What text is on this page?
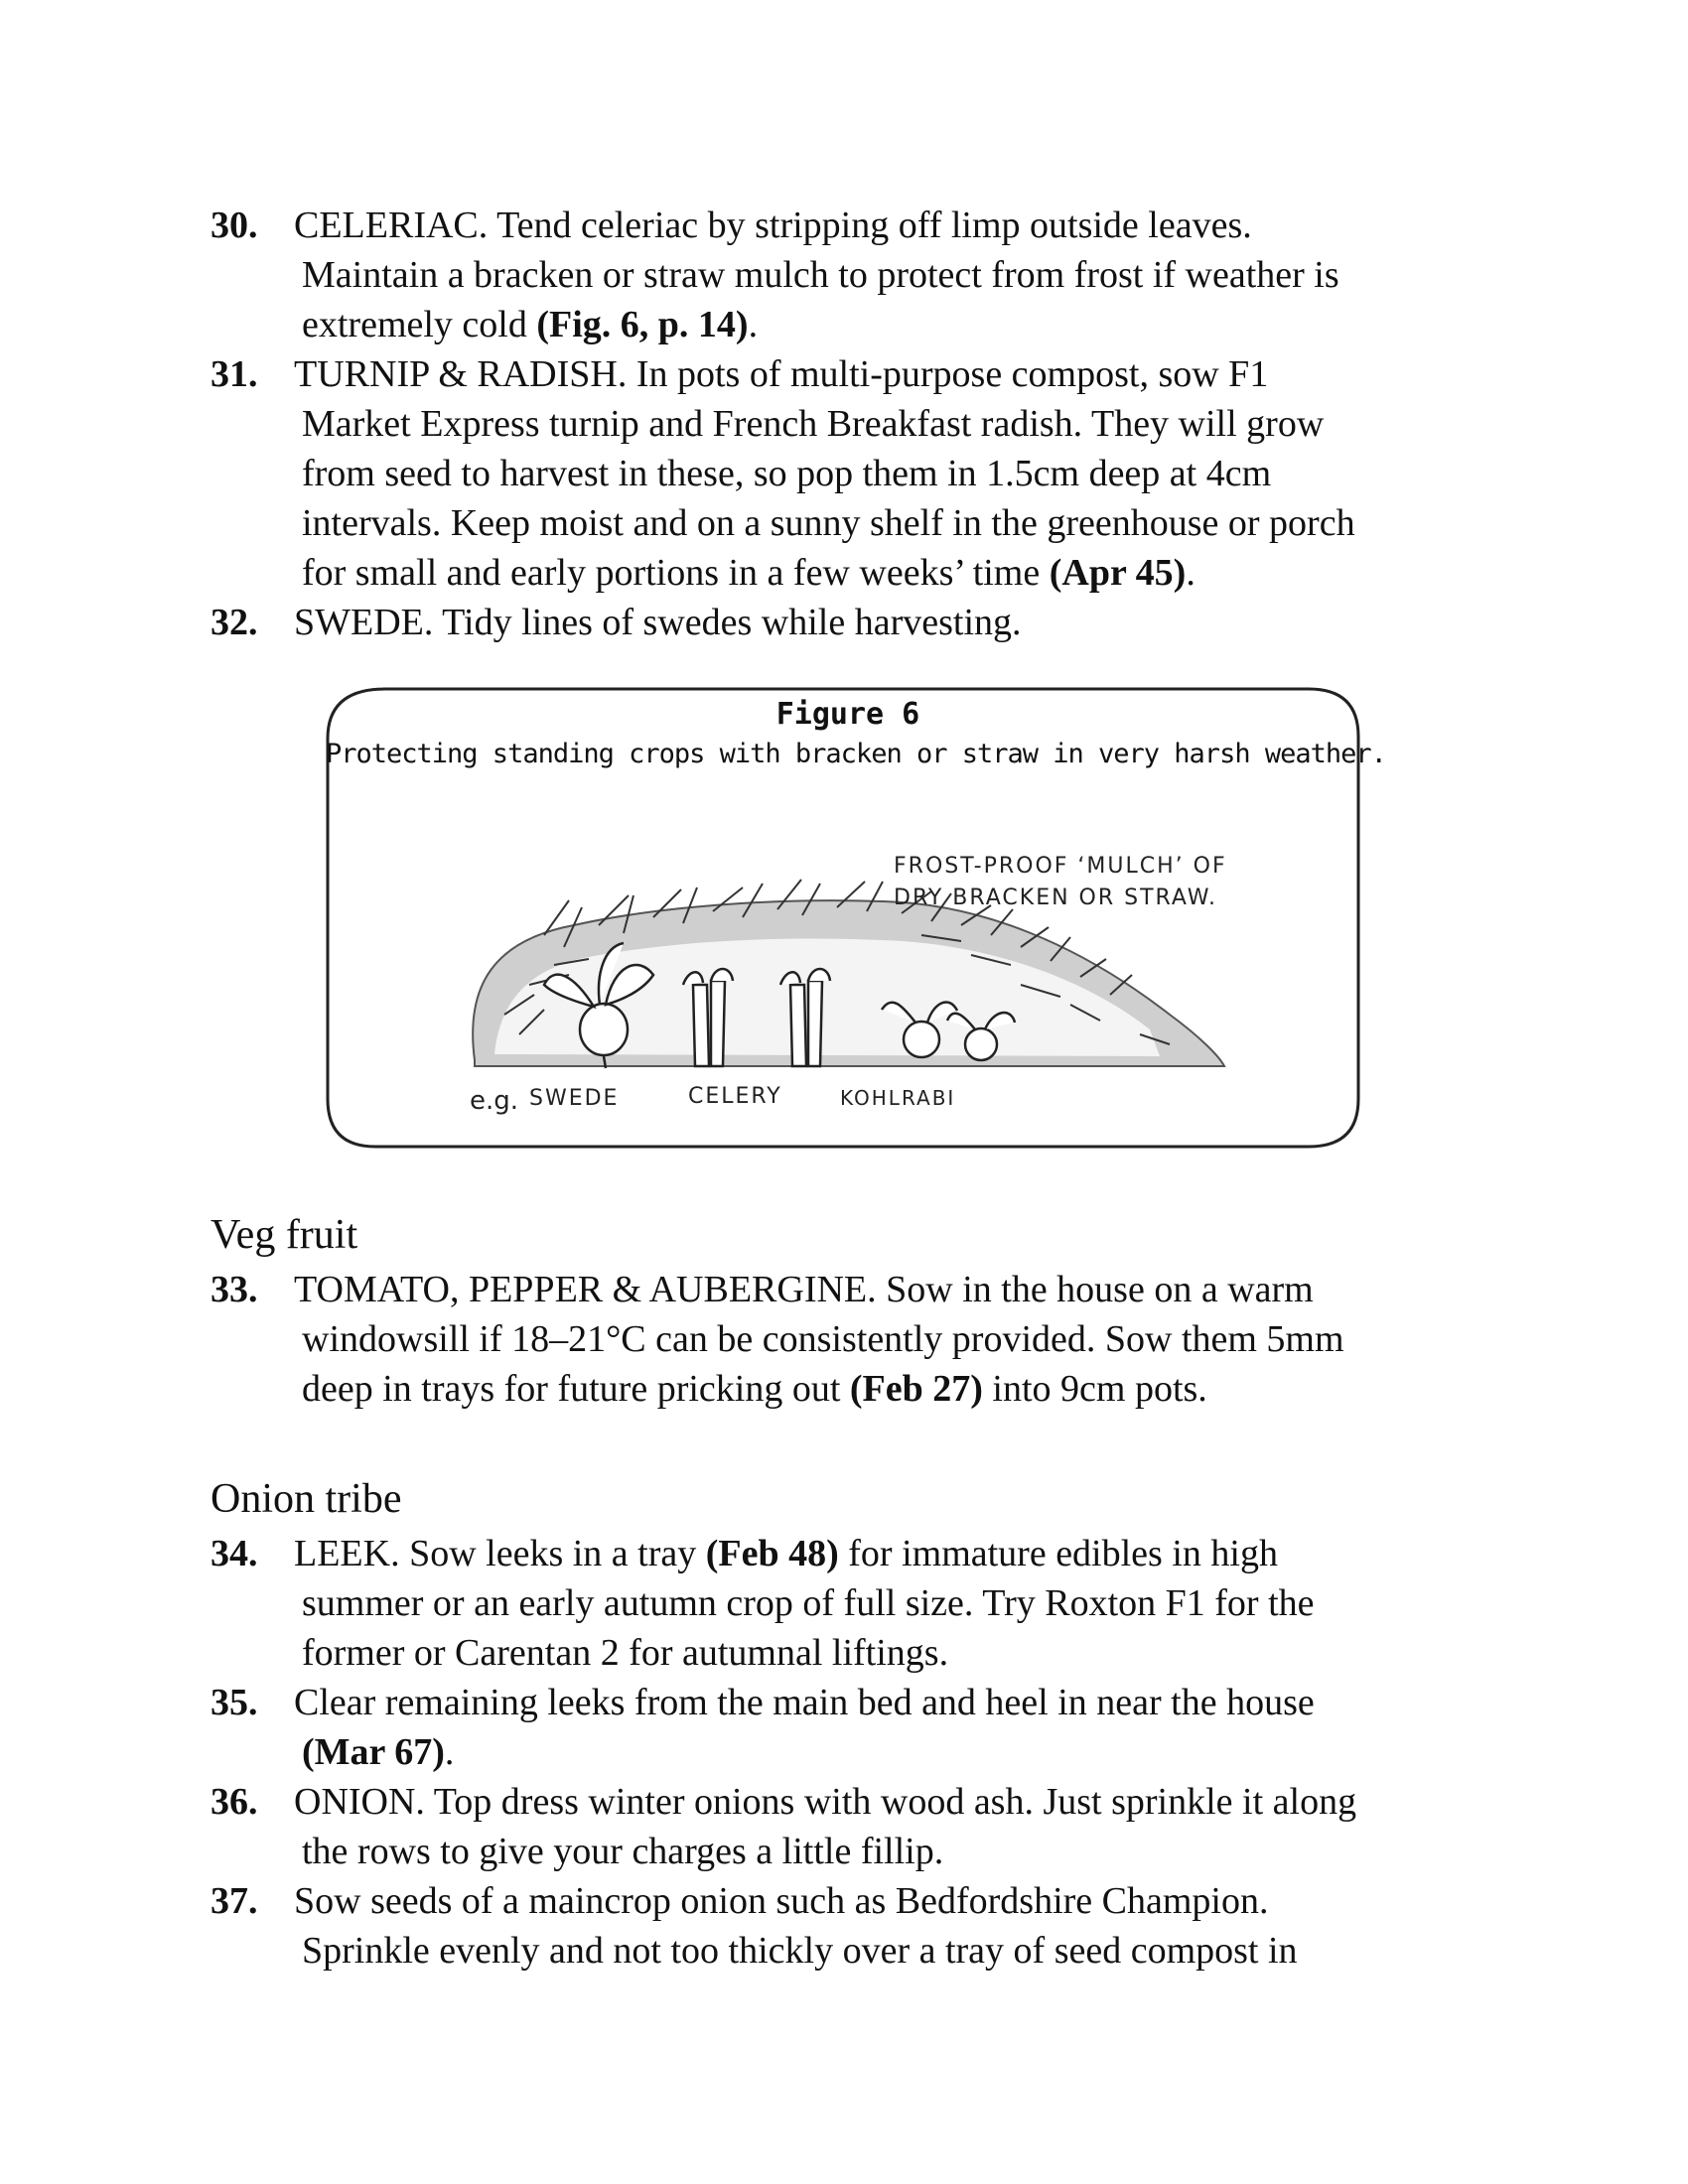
30. CELERIAC. Tend celeriac by stripping off limp outside leaves.
Maintain a bracken or straw mulch to protect from frost if weather is
extremely cold (Fig. 6, p. 14).
31. TURNIP & RADISH. In pots of multi-purpose compost, sow F1
Market Express turnip and French Breakfast radish. They will grow
from seed to harvest in these, so pop them in 1.5cm deep at 4cm
intervals. Keep moist and on a sunny shelf in the greenhouse or porch
for small and early portions in a few weeks’ time (Apr 45).
32. SWEDE. Tidy lines of swedes while harvesting.
Figure 6
Protecting standing crops with bracken or straw in very harsh weather.
FROST-PROOF ‘MULCH’ OF
DRY BRACKEN OR STRAW.
e.g. SWEDE	CELERY	KOHLRABI
Veg fruit
33. TOMATO, PEPPER & AUBERGINE. Sow in the house on a warm
windowsill if 18–21°C can be consistently provided. Sow them 5mm
deep in trays for future pricking out (Feb 27) into 9cm pots.
Onion tribe
34. LEEK. Sow leeks in a tray (Feb 48) for immature edibles in high
summer or an early autumn crop of full size. Try Roxton F1 for the
former or Carentan 2 for autumnal liftings.
35. Clear remaining leeks from the main bed and heel in near the house
(Mar 67).
36. ONION. Top dress winter onions with wood ash. Just sprinkle it along
the rows to give your charges a little fillip.
37. Sow seeds of a maincrop onion such as Bedfordshire Champion.
Sprinkle evenly and not too thickly over a tray of seed compost in
